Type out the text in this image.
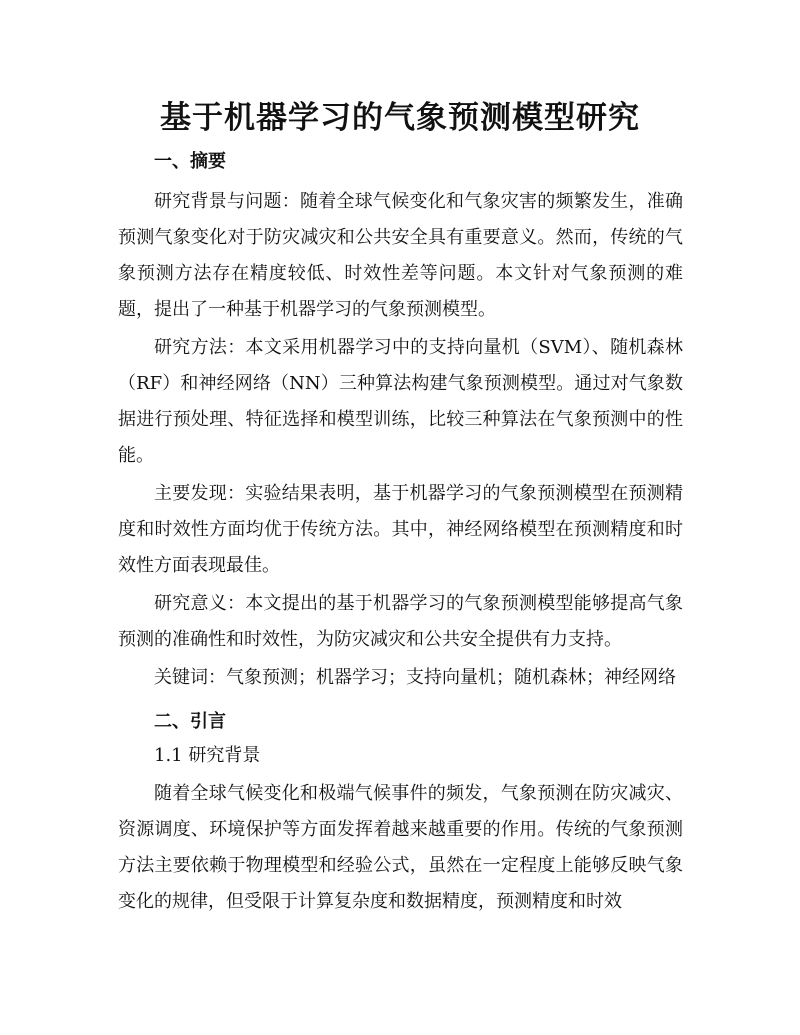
基于机器学习的气象预测模型研究
一、摘要

研究背景与问题：随着全球气候变化和气象灾害的频繁发生，准确预测气象变化对于防灾减灾和公共安全具有重要意义。然而，传统的气象预测方法存在精度较低、时效性差等问题。本文针对气象预测的难题，提出了一种基于机器学习的气象预测模型。

研究方法：本文采用机器学习中的支持向量机（SVM）、随机森林（RF）和神经网络（NN）三种算法构建气象预测模型。通过对气象数据进行预处理、特征选择和模型训练，比较三种算法在气象预测中的性能。

主要发现：实验结果表明，基于机器学习的气象预测模型在预测精度和时效性方面均优于传统方法。其中，神经网络模型在预测精度和时效性方面表现最佳。

研究意义：本文提出的基于机器学习的气象预测模型能够提高气象预测的准确性和时效性，为防灾减灾和公共安全提供有力支持。

关键词：气象预测；机器学习；支持向量机；随机森林；神经网络

二、引言

1.1 研究背景

随着全球气候变化和极端气候事件的频发，气象预测在防灾减灾、资源调度、环境保护等方面发挥着越来越重要的作用。传统的气象预测方法主要依赖于物理模型和经验公式，虽然在一定程度上能够反映气象变化的规律，但受限于计算复杂度和数据精度，预测精度和时效
